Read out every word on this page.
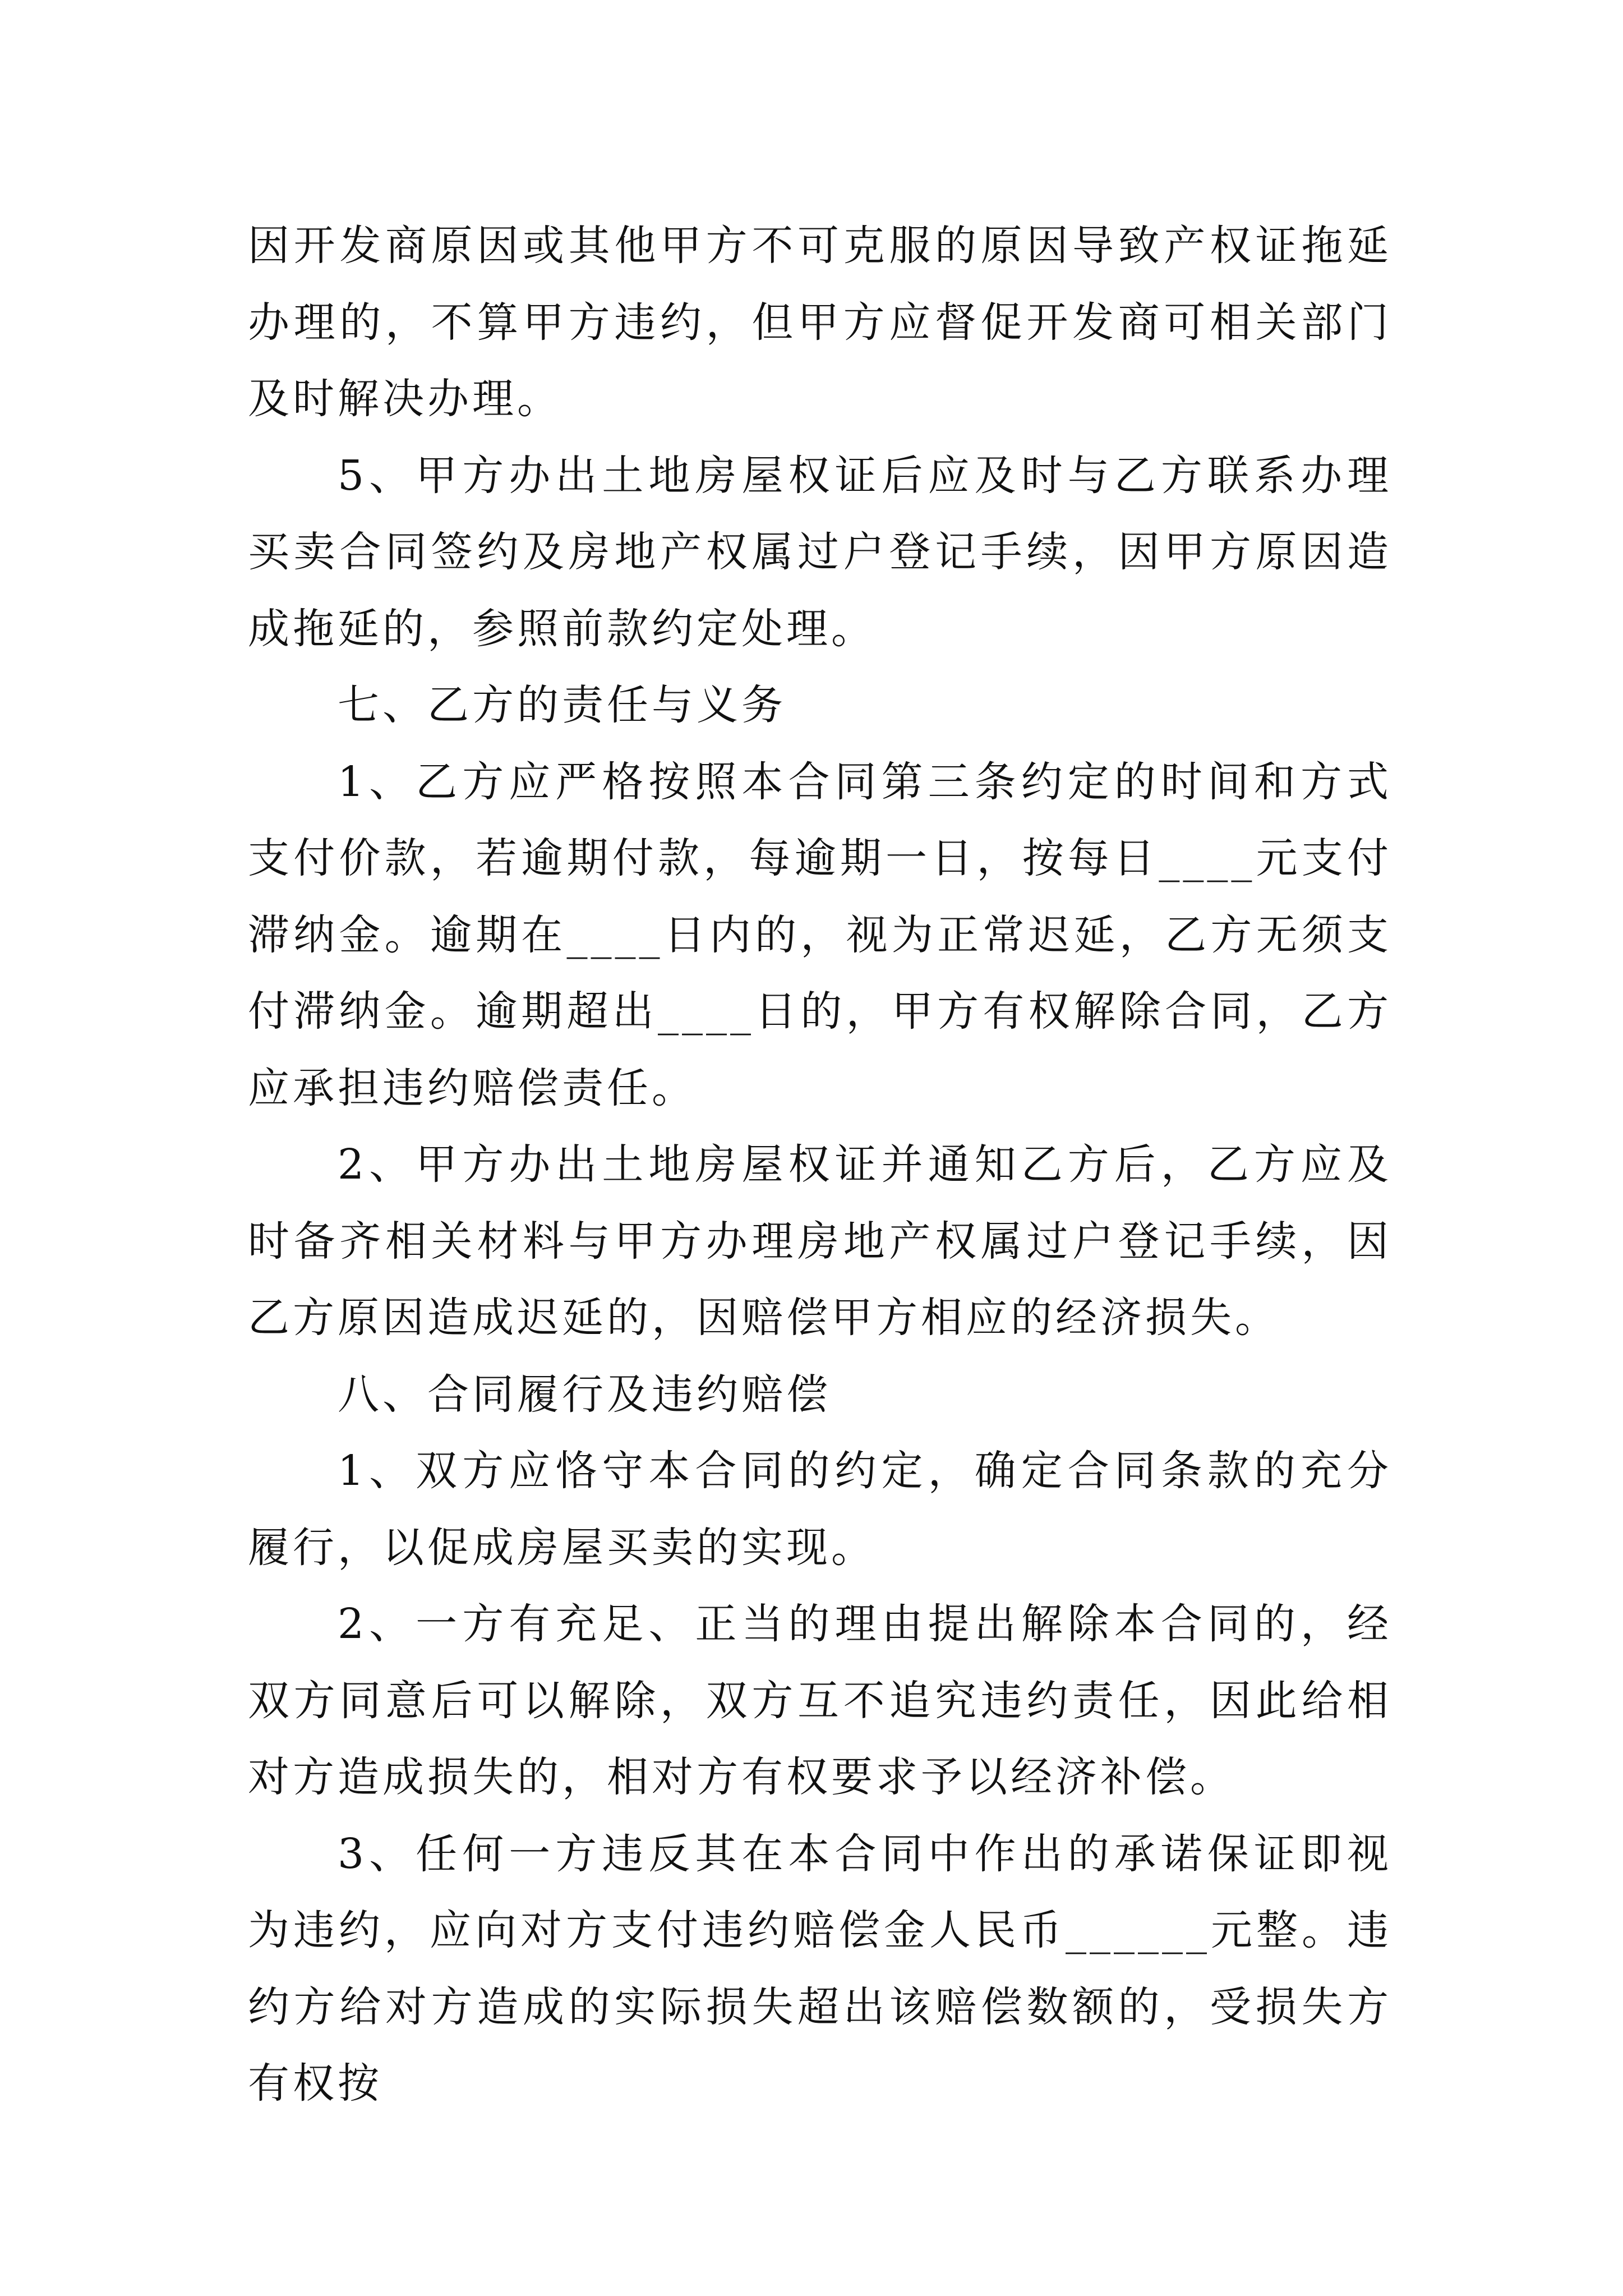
因开发商原因或其他甲方不可克服的原因导致产权证拖延办理的，不算甲方违约，但甲方应督促开发商可相关部门及时解决办理。

5、甲方办出土地房屋权证后应及时与乙方联系办理买卖合同签约及房地产权属过户登记手续，因甲方原因造成拖延的，参照前款约定处理。

七、乙方的责任与义务

1、乙方应严格按照本合同第三条约定的时间和方式支付价款，若逾期付款，每逾期一日，按每日____元支付滞纳金。逾期在____日内的，视为正常迟延，乙方无须支付滞纳金。逾期超出____日的，甲方有权解除合同，乙方应承担违约赔偿责任。

2、甲方办出土地房屋权证并通知乙方后，乙方应及时备齐相关材料与甲方办理房地产权属过户登记手续，因乙方原因造成迟延的，因赔偿甲方相应的经济损失。

八、合同履行及违约赔偿

1、双方应恪守本合同的约定，确定合同条款的充分履行，以促成房屋买卖的实现。

2、一方有充足、正当的理由提出解除本合同的，经双方同意后可以解除，双方互不追究违约责任，因此给相对方造成损失的，相对方有权要求予以经济补偿。

3、任何一方违反其在本合同中作出的承诺保证即视为违约，应向对方支付违约赔偿金人民币______元整。违约方给对方造成的实际损失超出该赔偿数额的，受损失方有权按
